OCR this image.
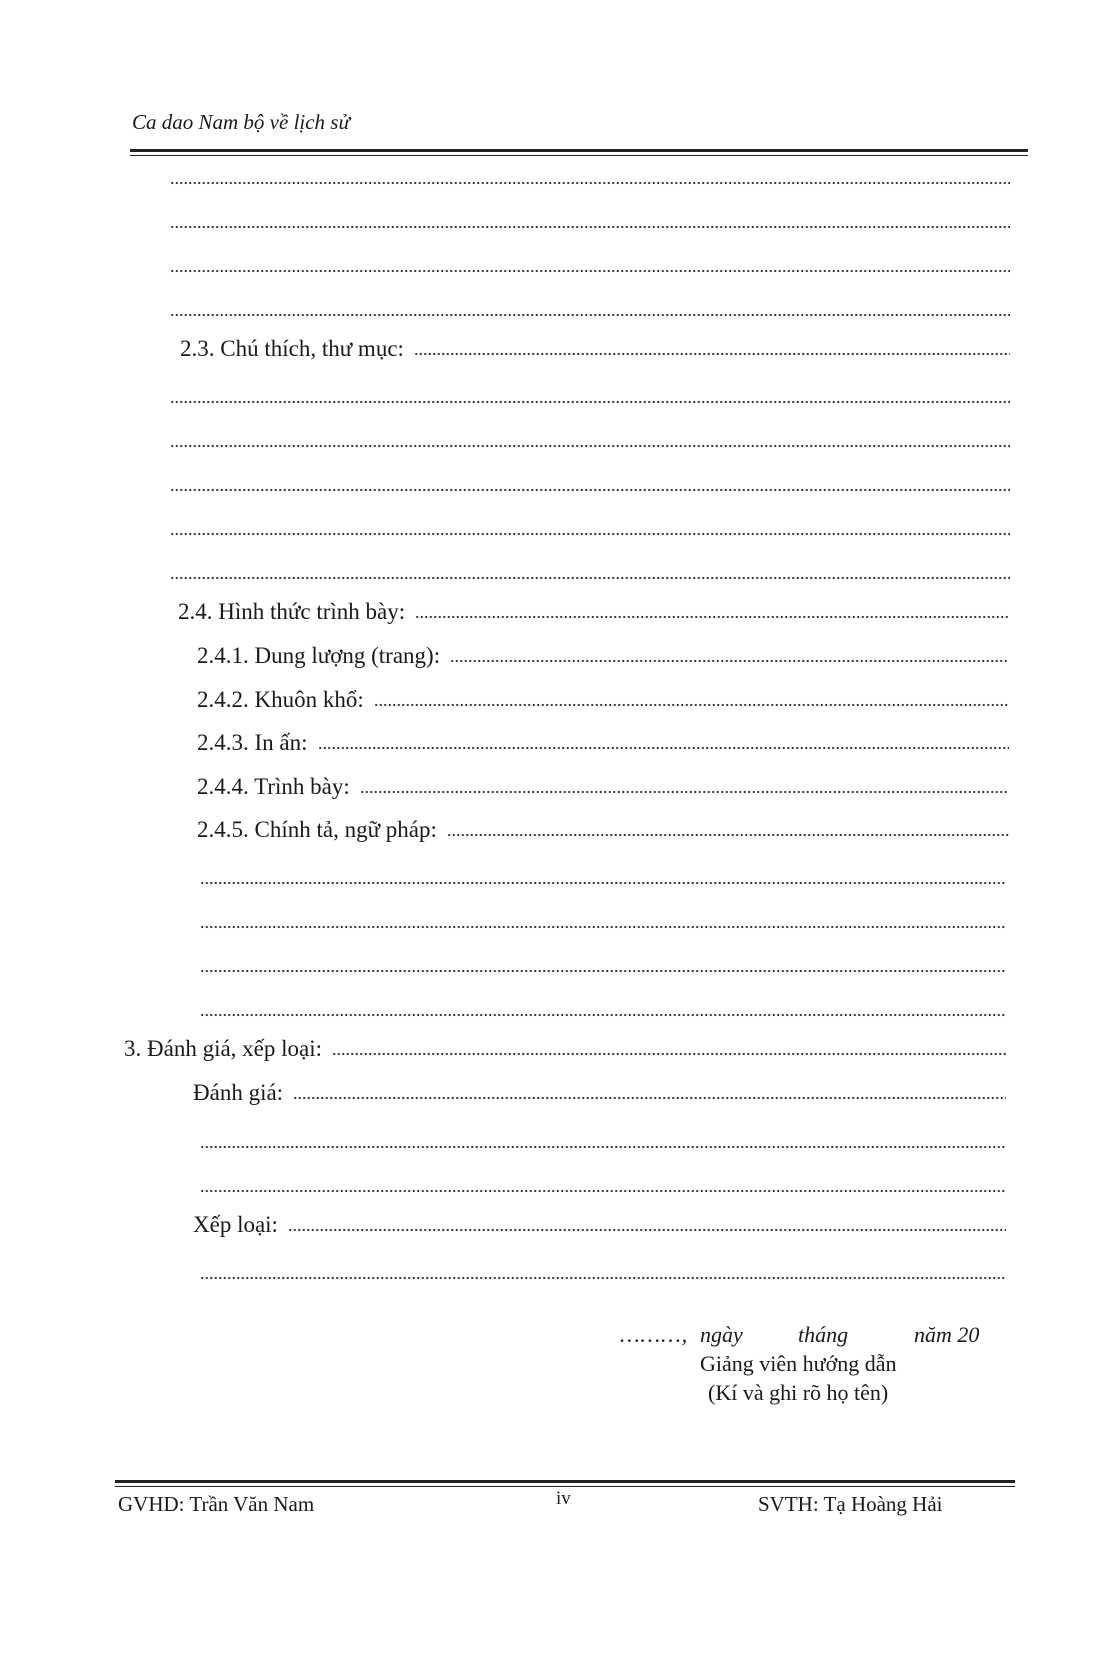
Ca dao Nam bộ về lịch sử
2.3. Chú thích, thư mục:
2.4. Hình thức trình bày:
2.4.1. Dung lượng (trang):
2.4.2. Khuôn khổ:
2.4.3. In ấn:
2.4.4. Trình bày:
2.4.5. Chính tả, ngữ pháp:
3. Đánh giá, xếp loại:
Đánh giá:
Xếp loại:
………, ngày	tháng	năm 20
Giảng viên hướng dẫn
(Kí và ghi rõ họ tên)
GVHD: Trần Văn Nam	iv	SVTH: Tạ Hoàng Hải
